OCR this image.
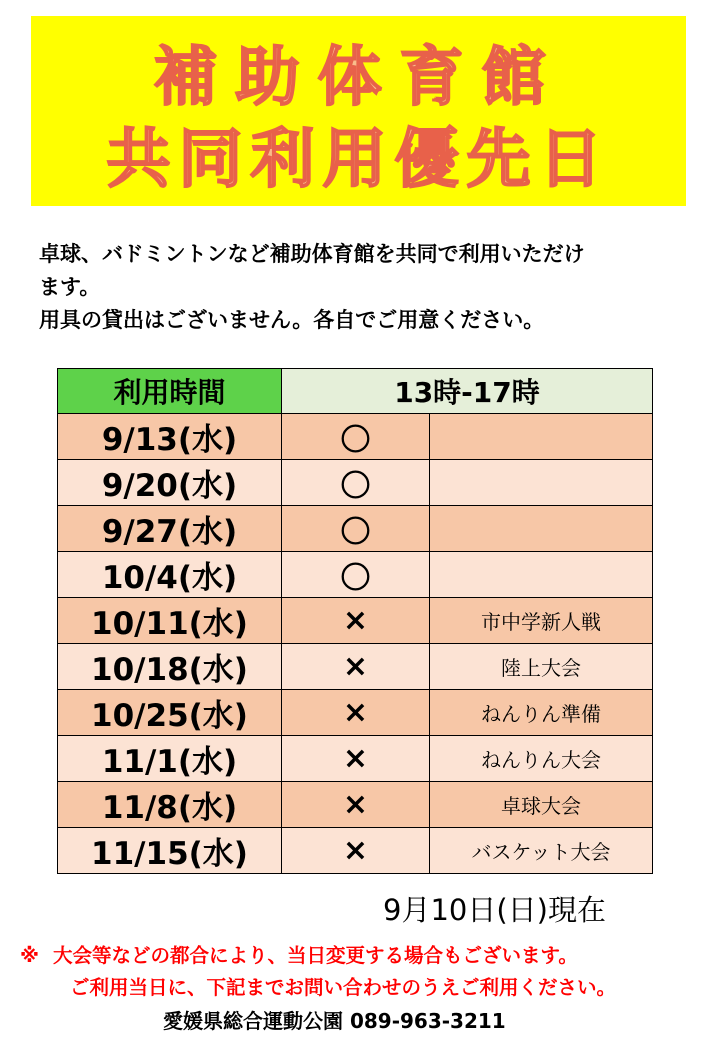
補助体育館
共同利用優先日
卓球、バドミントンなど補助体育館を共同で利用いただけ
ます。
用具の貸出はございません。各自でご用意ください。
利用時間	13時-17時	
9/13(水)	〇	
9/20(水)	〇	
9/27(水)	〇	
10/4(水)	〇	
10/11(水)	×	市中学新人戦
10/18(水)	×	陸上大会
10/25(水)	×	ねんりん準備
11/1(水)	×	ねんりん大会
11/8(水)	×	卓球大会
11/15(水)	×	バスケット大会
9月10日(日)現在
※ 大会等などの都合により、当日変更する場合もございます。
ご利用当日に、下記までお問い合わせのうえご利用ください。
愛媛県総合運動公園 089-963-3211
